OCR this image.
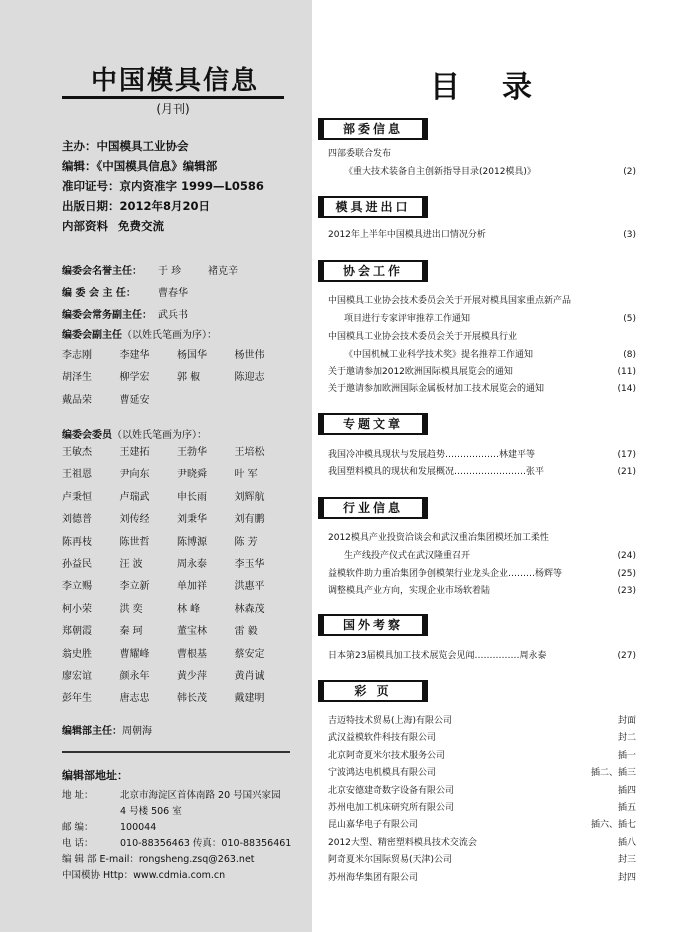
中国模具信息
(月刊)
主办：中国模具工业协会
编辑：《中国模具信息》编辑部
准印证号：京内资准字 1999—L0586
出版日期：2012年8月20日
内部资料 免费交流
编委会名誉主任： 于 珍	褚克辛
编 委 会 主 任： 曹春华
编委会常务副主任： 武兵书
编委会副主任（以姓氏笔画为序）：
李志刚	李建华	杨国华	杨世伟
胡泽生	柳学宏	郭 椒	陈迎志
戴品荣	曹延安
编委会委员（以姓氏笔画为序）：
王敏杰	王建拓	王勃华	王培松
王祖恩	尹向东	尹晓舜	叶 军
卢秉恒	卢瑞武	申长雨	刘辉航
刘德普	刘传经	刘秉华	刘有鹏
陈再枝	陈世哲	陈博源	陈 芳
孙益民	汪 波	周永泰	李玉华
李立赐	李立新	单加祥	洪惠平
柯小荣	洪 奕	林 峰	林森茂
郑朝霞	秦 珂	董宝林	雷 毅
翁史胜	曹耀峰	曹根基	蔡安定
廖宏谊	颜永年	黄少萍	黄肖诚
彭年生	唐志忠	韩长茂	戴建明
编辑部主任：周朝海
编辑部地址：
地 址：	北京市海淀区首体南路 20 号国兴家园
4 号楼 506 室
邮 编：	100044
电 话：	010-88356463 传真：010-88356461
编 辑 部 E-mail：rongsheng.zsq@263.net
中国模协 Http：www.cdmia.com.cn
目录
部委信息
四部委联合发布
《重大技术装备自主创新指导目录(2012模具)》	(2)
模具进出口
2012年上半年中国模具进出口情况分析	(3)
协会工作
中国模具工业协会技术委员会关于开展对模具国家重点新产品
项目进行专家评审推荐工作通知	(5)
中国模具工业协会技术委员会关于开展模具行业
《中国机械工业科学技术奖》提名推荐工作通知	(8)
关于邀请参加2012欧洲国际模具展览会的通知	(11)
关于邀请参加欧洲国际金属板材加工技术展览会的通知	(14)
专题文章
我国冷冲模具现状与发展趋势………………林建平等	(17)
我国塑料模具的现状和发展概况……………………张平	(21)
行业信息
2012模具产业投资洽谈会和武汉重冶集团模坯加工柔性
生产线投产仪式在武汉隆重召开	(24)
益模软件助力重冶集团争创模架行业龙头企业………杨辉等	(25)
调整模具产业方向，实现企业市场软着陆	(23)
国外考察
日本第23届模具加工技术展览会见闻……………周永泰	(27)
彩 页
吉迈特技术贸易(上海)有限公司	封面
武汉益模软件科技有限公司	封二
北京阿奇夏米尔技术服务公司	插一
宁波鸿达电机模具有限公司	插二、插三
北京安德建奇数字设备有限公司	插四
苏州电加工机床研究所有限公司	插五
昆山嘉华电子有限公司	插六、插七
2012大型、精密塑料模具技术交流会	插八
阿奇夏米尔国际贸易(天津)公司	封三
苏州海华集团有限公司	封四
